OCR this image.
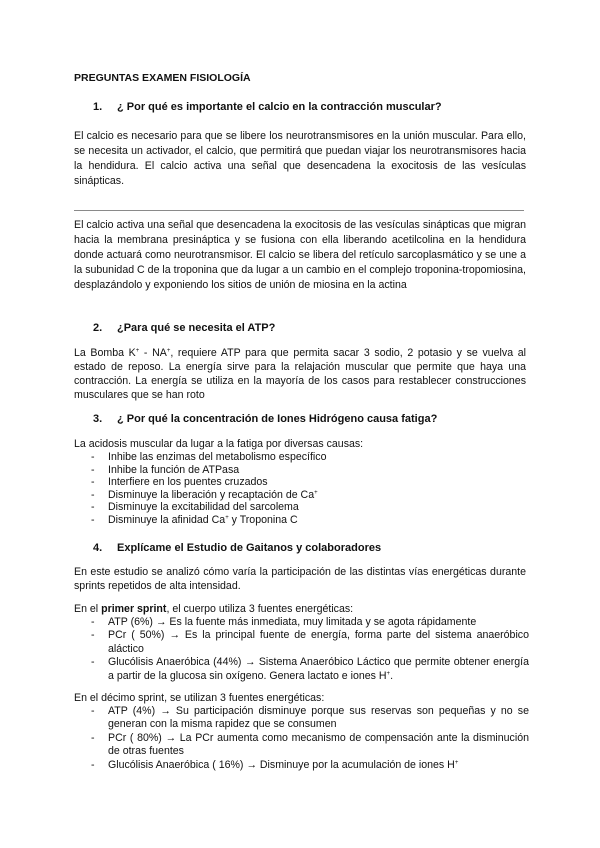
PREGUNTAS EXAMEN FISIOLOGÍA
1. ¿ Por qué es importante el calcio en la contracción muscular?
El calcio es necesario para que se libere los neurotransmisores en la unión muscular. Para ello, se necesita un activador, el calcio, que permitirá que puedan viajar los neurotransmisores hacia la hendidura. El calcio activa una señal que desencadena la exocitosis de las vesículas sinápticas.
El calcio activa una señal que desencadena la exocitosis de las vesículas sinápticas que migran hacia la membrana presináptica y se fusiona con ella liberando acetilcolina en la hendidura donde actuará como neurotransmisor. El calcio se libera del retículo sarcoplasmático y se une a la subunidad C de la troponina que da lugar a un cambio en el complejo troponina-tropomiosina, desplazándolo y exponiendo los sitios de unión de miosina en la actina
2. ¿Para qué se necesita el ATP?
La Bomba K+ - NA+, requiere ATP para que permita sacar 3 sodio, 2 potasio y se vuelva al estado de reposo. La energía sirve para la relajación muscular que permite que haya una contracción. La energía se utiliza en la mayoría de los casos para restablecer construcciones musculares que se han roto
3. ¿ Por qué la concentración de Iones Hidrógeno causa fatiga?
La acidosis muscular da lugar a la fatiga por diversas causas:
- Inhibe las enzimas del metabolismo específico
- Inhibe la función de ATPasa
- Interfiere en los puentes cruzados
- Disminuye la liberación y recaptación de Ca+
- Disminuye la excitabilidad del sarcolema
- Disminuye la afinidad Ca+ y Troponina C
4. Explícame el Estudio de Gaitanos y colaboradores
En este estudio se analizó cómo varía la participación de las distintas vías energéticas durante sprints repetidos de alta intensidad.
En el primer sprint, el cuerpo utiliza 3 fuentes energéticas:
- ATP (6%) → Es la fuente más inmediata, muy limitada y se agota rápidamente
- PCr ( 50%) → Es la principal fuente de energía, forma parte del sistema anaeróbico aláctico
- Glucólisis Anaeróbica (44%) → Sistema Anaeróbico Láctico que permite obtener energía a partir de la glucosa sin oxígeno. Genera lactato e iones H+.
En el décimo sprint, se utilizan 3 fuentes energéticas:
- ATP (4%) → Su participación disminuye porque sus reservas son pequeñas y no se generan con la misma rapidez que se consumen
- PCr ( 80%) → La PCr aumenta como mecanismo de compensación ante la disminución de otras fuentes
- Glucólisis Anaeróbica ( 16%) → Disminuye por la acumulación de iones H+
